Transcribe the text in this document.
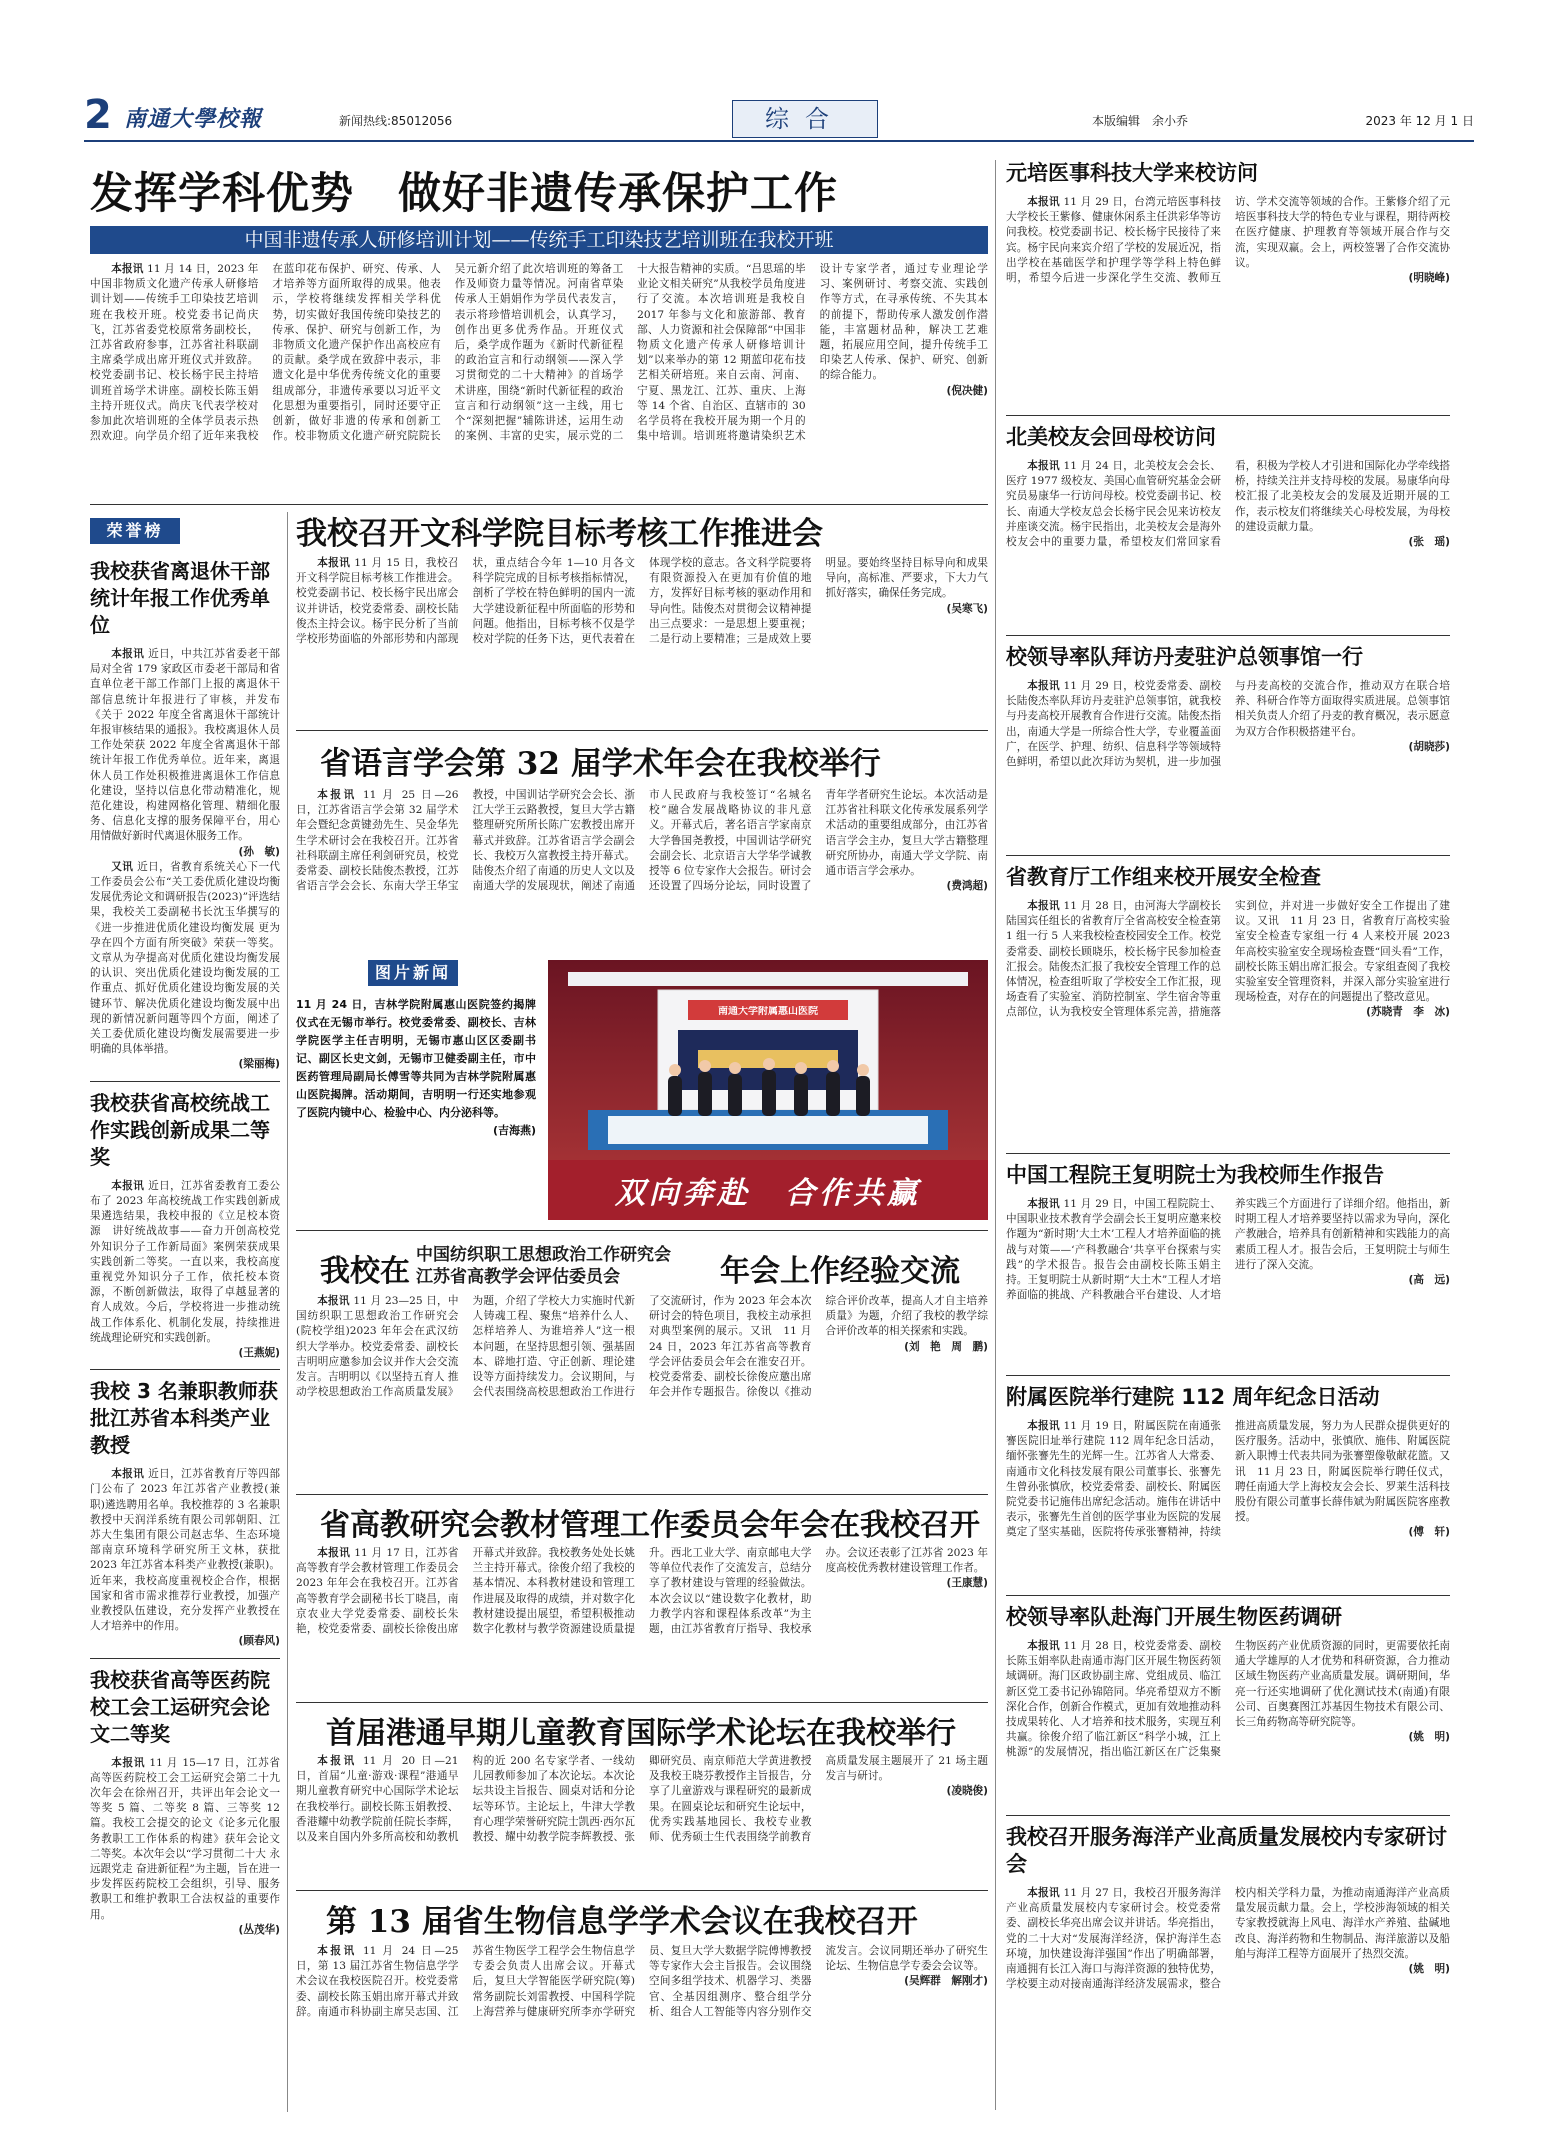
2 南通大學校報	新闻热线:85012056	综合	本版编辑　余小乔	2023 年 12 月 1 日
发挥学科优势　做好非遗传承保护工作
中国非遗传承人研修培训计划——传统手工印染技艺培训班在我校开班

本报讯 11 月 14 日，2023 年中国非物质文化遗产传承人研修培训计划——传统手工印染技艺培训班在我校开班。校党委书记尚庆飞，江苏省委党校原常务副校长，江苏省政府参事，江苏省社科联副主席桑学成出席开班仪式并致辞。校党委副书记、校长杨宇民主持培训班首场学术讲座。副校长陈玉娟主持开班仪式。尚庆飞代表学校对参加此次培训班的全体学员表示热烈欢迎。向学员介绍了近年来我校在蓝印花布保护、研究、传承、人才培养等方面所取得的成果。他表示，学校将继续发挥相关学科优势，切实做好我国传统印染技艺的传承、保护、研究与创新工作，为非物质文化遗产保护作出高校应有的贡献。桑学成在致辞中表示，非遗文化是中华优秀传统文化的重要组成部分，非遗传承要以习近平文化思想为重要指引，同时还要守正创新，做好非遗的传承和创新工作。校非物质文化遗产研究院院长吴元新介绍了此次培训班的筹备工作及师资力量等情况。河南省草染传承人王娟娟作为学员代表发言，表示将珍惜培训机会，认真学习，创作出更多优秀作品。开班仪式后，桑学成作题为《新时代新征程的政治宣言和行动纲领——深入学习贯彻党的二十大精神》的首场学术讲座，围绕“新时代新征程的政治宣言和行动纲领”这一主线，用七个“深刻把握”辅陈讲述，运用生动的案例、丰富的史实，展示党的二十大报告精神的实质。“吕思瑶的毕业论文相关研究”从我校学员角度进行了交流。本次培训班是我校自 2017 年参与文化和旅游部、教育部、人力资源和社会保障部“中国非物质文化遗产传承人研修培训计划”以来举办的第 12 期蓝印花布技艺相关研培班。来自云南、河南、宁夏、黑龙江、江苏、重庆、上海等 14 个省、自治区、直辖市的 30 名学员将在我校开展为期一个月的集中培训。培训班将邀请染织艺术设计专家学者，通过专业理论学习、案例研讨、考察交流、实践创作等方式，在寻承传统、不失其本的前提下，帮助传承人激发创作潜能，丰富题材品种，解决工艺难题，拓展应用空间，提升传统手工印染艺人传承、保护、研究、创新的综合能力。

(倪决健)
荣誉榜
我校获省离退休干部统计年报工作优秀单位

本报讯 近日，中共江苏省委老干部局对全省 179 家政区市委老干部局和省直单位老干部工作部门上报的离退休干部信息统计年报进行了审核，并发布《关于 2022 年度全省离退休干部统计年报审核结果的通报》。我校离退休人员工作处荣获 2022 年度全省离退休干部统计年报工作优秀单位。近年来，离退休人员工作处积极推进离退休工作信息化建设，坚持以信息化带动精准化，规范化建设，构建网格化管理、精细化服务、信息化支撑的服务保障平台，用心用情做好新时代离退休服务工作。

(孙　敏)

又讯 近日，省教育系统关心下一代工作委员会公布“关工委优质化建设均衡发展优秀论文和调研报告(2023)”评选结果，我校关工委副秘书长沈玉华撰写的《进一步推进优质化建设均衡发展 更为孕在四个方面有所突破》荣获一等奖。文章从为孕提高对优质化建设均衡发展的认识、突出优质化建设均衡发展的工作重点、抓好优质化建设均衡发展的关键环节、解决优质化建设均衡发展中出现的新情况新问题等四个方面，阐述了关工委优质化建设均衡发展需要进一步明确的具体举措。

(梁丽梅)
我校获省高校统战工作实践创新成果二等奖

本报讯 近日，江苏省委教育工委公布了 2023 年高校统战工作实践创新成果遴选结果，我校申报的《立足校本资源　讲好统战故事——奋力开创高校党外知识分子工作新局面》案例荣获成果实践创新二等奖。一直以来，我校高度重视党外知识分子工作，依托校本资源，不断创新做法，取得了卓越显著的育人成效。今后，学校将进一步推动统战工作体系化、机制化发展，持续推进统战理论研究和实践创新。

(王燕妮)
我校 3 名兼职教师获批江苏省本科类产业教授

本报讯 近日，江苏省教育厅等四部门公布了 2023 年江苏省产业教授(兼职)遴选聘用名单。我校推荐的 3 名兼职教授中天润洋系统有限公司郭朝阳、江苏大生集团有限公司赵志华、生态环境部南京环境科学研究所王文林，获批 2023 年江苏省本科类产业教授(兼职)。近年来，我校高度重视校企合作，根据国家和省市需求推荐行业教授，加强产业教授队伍建设，充分发挥产业教授在人才培养中的作用。

(顾春风)
我校获省高等医药院校工会工运研究会论文二等奖

本报讯 11 月 15—17 日，江苏省高等医药院校工会工运研究会第二十九次年会在徐州召开，共评出年会论文一等奖 5 篇、二等奖 8 篇、三等奖 12 篇。我校工会提交的论文《论多元化服务教职工工作体系的构建》获年会论文二等奖。本次年会以“学习贯彻二十大 永远跟党走 奋进新征程”为主题，旨在进一步发挥医药院校工会组织，引导、服务教职工和维护教职工合法权益的重要作用。

(丛茂华)
我校召开文科学院目标考核工作推进会

本报讯 11 月 15 日，我校召开文科学院目标考核工作推进会。校党委副书记、校长杨宇民出席会议并讲话，校党委常委、副校长陆俊杰主持会议。杨宇民分析了当前学校形势面临的外部形势和内部现状，重点结合今年 1—10 月各文科学院完成的目标考核指标情况，剖析了学校在特色鲜明的国内一流大学建设新征程中所面临的形势和问题。他指出，目标考核不仅是学校对学院的任务下达，更代表着在体现学校的意志。各文科学院要将有限资源投入在更加有价值的地方，发挥好目标考核的驱动作用和导向性。陆俊杰对贯彻会议精神提出三点要求：一是思想上要重视；二是行动上要精准；三是成效上要明显。要始终坚持目标导向和成果导向，高标准、严要求，下大力气抓好落实，确保任务完成。

(吴寒飞)
省语言学会第 32 届学术年会在我校举行

本报讯 11 月 25 日—26 日，江苏省语言学会第 32 届学术年会暨纪念黄键劲先生、吴金华先生学术研讨会在我校召开。江苏省社科联副主席任利剑研究员，校党委常委、副校长陆俊杰教授，江苏省语言学会会长、东南大学王华宝教授，中国训诂学研究会会长、浙江大学王云路教授，复旦大学古籍整理研究所所长陈广宏教授出席开幕式并致辞。江苏省语言学会副会长、我校万久富教授主持开幕式。陆俊杰介绍了南通的历史人文以及南通大学的发展现状，阐述了南通市人民政府与我校签订“名城名校”融合发展战略协议的非凡意义。开幕式后，著名语言学家南京大学鲁国尧教授，中国训诂学研究会副会长、北京语言大学华学诚教授等 6 位专家作大会报告。研讨会还设置了四场分论坛，同时设置了青年学者研究生论坛。本次活动是江苏省社科联文化传承发展系列学术活动的重要组成部分，由江苏省语言学会主办，复旦大学古籍整理研究所协办，南通大学文学院、南通市语言学会承办。

(费鸿超)
图片新闻
11 月 24 日，吉林学院附属惠山医院签约揭牌仪式在无锡市举行。校党委常委、副校长、吉林学院医学主任吉明明，无锡市惠山区区委副书记、副区长史文剑，无锡市卫健委副主任，市中医药管理局副局长傅雪等共同为吉林学院附属惠山医院揭牌。活动期间，吉明明一行还实地参观了医院内镜中心、检验中心、内分泌科等。
(吉海燕)
南通大学附属惠山医院
双向奔赴　合作共赢
我校在 中国纺织职工思想政治工作研究会
江苏省高教学会评估委员会	年会上作经验交流

本报讯 11 月 23—25 日，中国纺织职工思想政治工作研究会(院校学组)2023 年年会在武汉纺织大学举办。校党委常委、副校长吉明明应邀参加会议并作大会交流发言。吉明明以《以坚持五育人 推动学校思想政治工作高质量发展》为题，介绍了学校大力实施时代新人铸魂工程、聚焦“培养什么人、怎样培养人、为谁培养人”这一根本问题，在坚持思想引领、强基固本、辟地打造、守正创新、理论建设等方面持续发力。会议期间，与会代表围绕高校思想政治工作进行了交流研讨，作为 2023 年会本次研讨会的特色项目，我校主动承担对典型案例的展示。又讯　11 月 24 日，2023 年江苏省高等教育学会评估委员会年会在淮安召开。校党委常委、副校长徐俊应邀出席年会并作专题报告。徐俊以《推动综合评价改革，提高人才自主培养质量》为题，介绍了我校的教学综合评价改革的相关探索和实践。

(刘　艳　 周　鹏)
省高教研究会教材管理工作委员会年会在我校召开

本报讯 11 月 17 日，江苏省高等教育学会教材管理工作委员会 2023 年年会在我校召开。江苏省高等教育学会副秘书长丁晓昌，南京农业大学党委常委、副校长朱艳，校党委常委、副校长徐俊出席开幕式并致辞。我校教务处处长姚兰主持开幕式。徐俊介绍了我校的基本情况、本科教材建设和管理工作进展及取得的成绩，并对数字化教材建设提出展望，希望积极推动数字化教材与教学资源建设质量提升。西北工业大学、南京邮电大学等单位代表作了交流发言，总结分享了教材建设与管理的经验做法。本次会议以“建设数字化教材，助力教学内容和课程体系改革”为主题，由江苏省教育厅指导、我校承办。会议还表彰了江苏省 2023 年度高校优秀教材建设管理工作者。

(王康慧)
首届港通早期儿童教育国际学术论坛在我校举行

本报讯 11 月 20 日—21 日，首届“儿童·游戏·课程”港通早期儿童教育研究中心国际学术论坛在我校举行。副校长陈玉娟教授、香港耀中幼教学院前任院长李辉，以及来自国内外多所高校和幼教机构的近 200 名专家学者、一线幼儿园教师参加了本次论坛。本次论坛共设主旨报告、圆桌对话和分论坛等环节。主论坛上，牛津大学教育心理学荣誉研究院士凯西·西尔瓦教授、耀中幼教学院李辉教授、张卿研究员、南京师范大学黄进教授及我校王晓芬教授作主旨报告，分享了儿童游戏与课程研究的最新成果。在圆桌论坛和研究生论坛中，优秀实践基地园长、我校专业教师、优秀硕士生代表围绕学前教育高质量发展主题展开了 21 场主题发言与研讨。

(凌晓俊)
第 13 届省生物信息学学术会议在我校召开

本报讯 11 月 24 日—25 日，第 13 届江苏省生物信息学学术会议在我校医院召开。校党委常委、副校长陈玉娟出席开幕式并致辞。南通市科协副主席吴志国、江苏省生物医学工程学会生物信息学专委会负责人出席会议。开幕式后，复旦大学智能医学研究院(筹)常务副院长刘雷教授、中国科学院上海营养与健康研究所李亦学研究员、复旦大学大数据学院傅博教授等专家作大会主旨报告。会议围绕空间多组学技术、机器学习、类器官、全基因组测序、整合组学分析、组合人工智能等内容分别作交流发言。会议同期还举办了研究生论坛、生物信息学专委会会议等。

(吴辉群　解刚才)
元培医事科技大学来校访问

本报讯 11 月 29 日，台湾元培医事科技大学校长王紫修、健康休闲系主任洪彩华等访问我校。校党委副书记、校长杨宇民接待了来宾。杨宇民向来宾介绍了学校的发展近况，指出学校在基础医学和护理学等学科上特色鲜明，希望今后进一步深化学生交流、教师互访、学术交流等领域的合作。王紫修介绍了元培医事科技大学的特色专业与课程，期待两校在医疗健康、护理教育等领域开展合作与交流，实现双赢。会上，两校签署了合作交流协议。

(明晓峰)
北美校友会回母校访问

本报讯 11 月 24 日，北美校友会会长、医疗 1977 级校友、美国心血管研究基金会研究员易康华一行访问母校。校党委副书记、校长、南通大学校友总会长杨宇民会见来访校友并座谈交流。杨宇民指出，北美校友会是海外校友会中的重要力量，希望校友们常回家看看，积极为学校人才引进和国际化办学牵线搭桥，持续关注并支持母校的发展。易康华向母校汇报了北美校友会的发展及近期开展的工作，表示校友们将继续关心母校发展，为母校的建设贡献力量。

(张　瑶)
校领导率队拜访丹麦驻沪总领事馆一行

本报讯 11 月 29 日，校党委常委、副校长陆俊杰率队拜访丹麦驻沪总领事馆，就我校与丹麦高校开展教育合作进行交流。陆俊杰指出，南通大学是一所综合性大学，专业覆盖面广，在医学、护理、纺织、信息科学等领域特色鲜明，希望以此次拜访为契机，进一步加强与丹麦高校的交流合作，推动双方在联合培养、科研合作等方面取得实质进展。总领事馆相关负责人介绍了丹麦的教育概况，表示愿意为双方合作积极搭建平台。

(胡晓莎)
省教育厅工作组来校开展安全检查

本报讯 11 月 28 日，由河海大学副校长陆国宾任组长的省教育厅全省高校安全检查第 1 组一行 5 人来我校检查校园安全工作。校党委常委、副校长顾晓乐，校长杨宇民参加检查汇报会。陆俊杰汇报了我校安全管理工作的总体情况，检查组听取了学校安全工作汇报，现场查看了实验室、消防控制室、学生宿舍等重点部位，认为我校安全管理体系完善，措施落实到位，并对进一步做好安全工作提出了建议。又讯　11 月 23 日，省教育厅高校实验室安全检查专家组一行 4 人来校开展 2023 年高校实验室安全现场检查暨“回头看”工作，副校长陈玉娟出席汇报会。专家组查阅了我校实验室安全管理资料，并深入部分实验室进行现场检查，对存在的问题提出了整改意见。

(苏晓青　 李　冰)
中国工程院王复明院士为我校师生作报告

本报讯 11 月 29 日，中国工程院院士、中国职业技术教育学会副会长王复明应邀来校作题为“新时期‘大土木’工程人才培养面临的挑战与对策——‘产科教融合’共享平台探索与实践”的学术报告。报告会由副校长陈玉娟主持。王复明院士从新时期“大土木”工程人才培养面临的挑战、产科教融合平台建设、人才培养实践三个方面进行了详细介绍。他指出，新时期工程人才培养要坚持以需求为导向，深化产教融合，培养具有创新精神和实践能力的高素质工程人才。报告会后，王复明院士与师生进行了深入交流。

(高　远)
附属医院举行建院 112 周年纪念日活动

本报讯 11 月 19 日，附属医院在南通张謇医院旧址举行建院 112 周年纪念日活动，缅怀张謇先生的光辉一生。江苏省人大常委、南通市文化科技发展有限公司董事长、张謇先生曾孙张慎欣，校党委常委、副校长、附属医院党委书记施伟出席纪念活动。施伟在讲话中表示，张謇先生首创的医学事业为医院的发展奠定了坚实基础，医院将传承张謇精神，持续推进高质量发展，努力为人民群众提供更好的医疗服务。活动中，张慎欣、施伟、附属医院新入职博士代表共同为张謇塑像敬献花篮。又讯　11 月 23 日，附属医院举行聘任仪式，聘任南通大学上海校友会会长、罗莱生活科技股份有限公司董事长薛伟斌为附属医院客座教授。

(傅　轩)
校领导率队赴海门开展生物医药调研

本报讯 11 月 28 日，校党委常委、副校长陈玉娟率队赴南通市海门区开展生物医药领域调研。海门区政协副主席、党组成员、临江新区党工委书记孙锦陪同。华亮希望双方不断深化合作，创新合作模式，更加有效地推动科技成果转化、人才培养和技术服务，实现互利共赢。徐俊介绍了临江新区“科学小城，江上桃源”的发展情况，指出临江新区在广泛集聚生物医药产业优质资源的同时，更需要依托南通大学雄厚的人才优势和科研资源，合力推动区域生物医药产业高质量发展。调研期间，华亮一行还实地调研了优化测试技术(南通)有限公司、百奥赛图江苏基因生物技术有限公司、长三角药物高等研究院等。

(姚　明)
我校召开服务海洋产业高质量发展校内专家研讨会

本报讯 11 月 27 日，我校召开服务海洋产业高质量发展校内专家研讨会。校党委常委、副校长华亮出席会议并讲话。华亮指出，党的二十大对“发展海洋经济，保护海洋生态环境，加快建设海洋强国”作出了明确部署，南通拥有长江入海口与海洋资源的独特优势，学校要主动对接南通海洋经济发展需求，整合校内相关学科力量，为推动南通海洋产业高质量发展贡献力量。会上，学校涉海领域的相关专家教授就海上风电、海洋水产养殖、盐碱地改良、海洋药物和生物制品、海洋旅游以及船舶与海洋工程等方面展开了热烈交流。

(姚　明)
